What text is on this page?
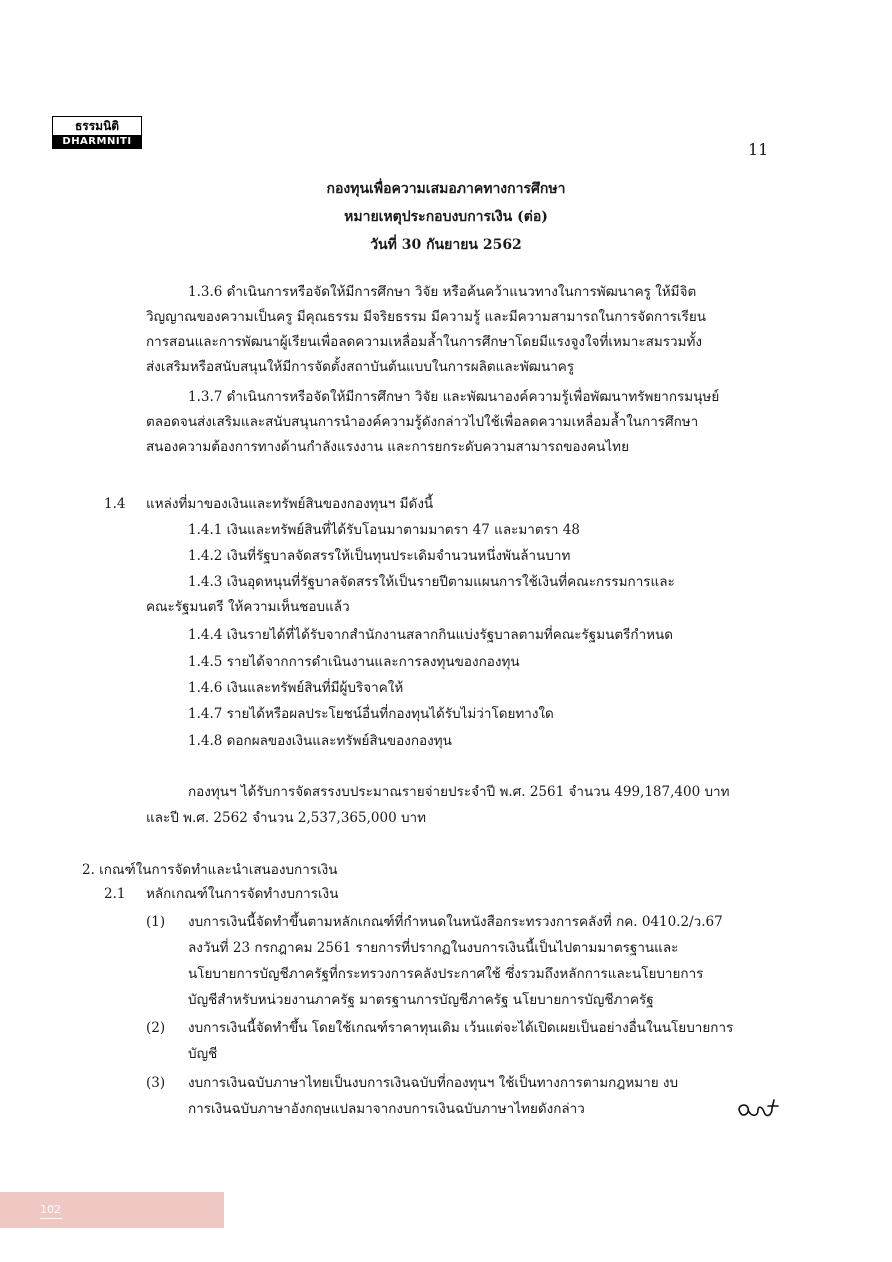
ธรรมนิติ
DHARMNITI	11
กองทุนเพื่อความเสมอภาคทางการศึกษา
หมายเหตุประกอบงบการเงิน (ต่อ)
วันที่ 30 กันยายน 2562
1.3.6 ดำเนินการหรือจัดให้มีการศึกษา วิจัย หรือค้นคว้าแนวทางในการพัฒนาครู ให้มีจิต
วิญญาณของความเป็นครู มีคุณธรรม มีจริยธรรม มีความรู้ และมีความสามารถในการจัดการเรียน
การสอนและการพัฒนาผู้เรียนเพื่อลดความเหลื่อมล้ำในการศึกษาโดยมีแรงจูงใจที่เหมาะสมรวมทั้ง
ส่งเสริมหรือสนับสนุนให้มีการจัดตั้งสถาบันต้นแบบในการผลิตและพัฒนาครู
1.3.7 ดำเนินการหรือจัดให้มีการศึกษา วิจัย และพัฒนาองค์ความรู้เพื่อพัฒนาทรัพยากรมนุษย์
ตลอดจนส่งเสริมและสนับสนุนการนำองค์ความรู้ดังกล่าวไปใช้เพื่อลดความเหลื่อมล้ำในการศึกษา
สนองความต้องการทางด้านกำลังแรงงาน และการยกระดับความสามารถของคนไทย
1.4 แหล่งที่มาของเงินและทรัพย์สินของกองทุนฯ มีดังนี้
1.4.1 เงินและทรัพย์สินที่ได้รับโอนมาตามมาตรา 47 และมาตรา 48
1.4.2 เงินที่รัฐบาลจัดสรรให้เป็นทุนประเดิมจำนวนหนึ่งพันล้านบาท
1.4.3 เงินอุดหนุนที่รัฐบาลจัดสรรให้เป็นรายปีตามแผนการใช้เงินที่คณะกรรมการและ
คณะรัฐมนตรี ให้ความเห็นชอบแล้ว
1.4.4 เงินรายได้ที่ได้รับจากสำนักงานสลากกินแบ่งรัฐบาลตามที่คณะรัฐมนตรีกำหนด
1.4.5 รายได้จากการดำเนินงานและการลงทุนของกองทุน
1.4.6 เงินและทรัพย์สินที่มีผู้บริจาคให้
1.4.7 รายได้หรือผลประโยชน์อื่นที่กองทุนได้รับไม่ว่าโดยทางใด
1.4.8 ดอกผลของเงินและทรัพย์สินของกองทุน
กองทุนฯ ได้รับการจัดสรรงบประมาณรายจ่ายประจำปี พ.ศ. 2561 จำนวน 499,187,400 บาท
และปี พ.ศ. 2562 จำนวน 2,537,365,000 บาท
2. เกณฑ์ในการจัดทำและนำเสนองบการเงิน
2.1 หลักเกณฑ์ในการจัดทำงบการเงิน
(1) งบการเงินนี้จัดทำขึ้นตามหลักเกณฑ์ที่กำหนดในหนังสือกระทรวงการคลังที่ กค. 0410.2/ว.67
ลงวันที่ 23 กรกฎาคม 2561 รายการที่ปรากฏในงบการเงินนี้เป็นไปตามมาตรฐานและ
นโยบายการบัญชีภาครัฐที่กระทรวงการคลังประกาศใช้ ซึ่งรวมถึงหลักการและนโยบายการ
บัญชีสำหรับหน่วยงานภาครัฐ มาตรฐานการบัญชีภาครัฐ นโยบายการบัญชีภาครัฐ
(2) งบการเงินนี้จัดทำขึ้น โดยใช้เกณฑ์ราคาทุนเดิม เว้นแต่จะได้เปิดเผยเป็นอย่างอื่นในนโยบายการ
บัญชี
(3) งบการเงินฉบับภาษาไทยเป็นงบการเงินฉบับที่กองทุนฯ ใช้เป็นทางการตามกฎหมาย งบ
การเงินฉบับภาษาอังกฤษแปลมาจากงบการเงินฉบับภาษาไทยดังกล่าว
102
